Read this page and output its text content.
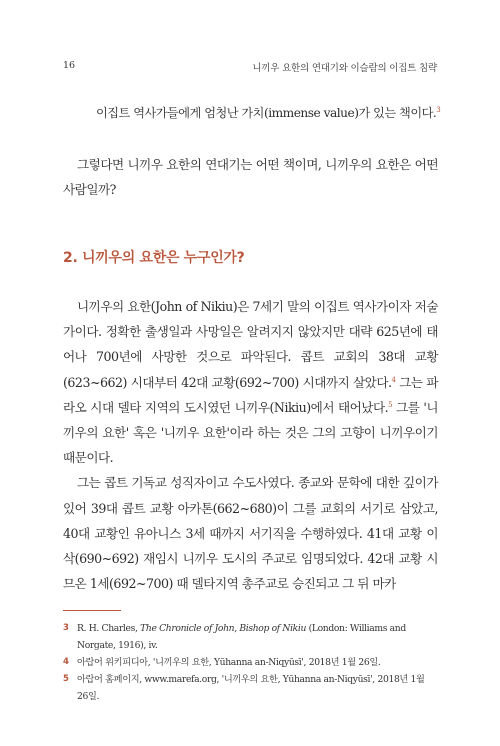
16	니끼우 요한의 연대기와 이슬람의 이집트 침략
이집트 역사가들에게 엄청난 가치(immense value)가 있는 책이다.$^3$

그렇다면 니끼우 요한의 연대기는 어떤 책이며, 니끼우의 요한은 어떤 사람일까?

2. 니끼우의 요한은 누구인가?

니끼우의 요한(John of Nikiu)은 7세기 말의 이집트 역사가이자 저술가이다. 정확한 출생일과 사망일은 알려지지 않았지만 대략 625년에 태어나 700년에 사망한 것으로 파악된다. 콥트 교회의 38대 교황(623~662) 시대부터 42대 교황(692~700) 시대까지 살았다.$^4$ 그는 파라오 시대 델타 지역의 도시였던 니끼우(Nikiu)에서 태어났다.$^5$ 그를 '니끼우의 요한' 혹은 '니끼우 요한'이라 하는 것은 그의 고향이 니끼우이기 때문이다.

그는 콥트 기독교 성직자이고 수도사였다. 종교와 문학에 대한 깊이가 있어 39대 콥트 교황 아카톤(662~680)이 그를 교회의 서기로 삼았고, 40대 교황인 유아니스 3세 때까지 서기직을 수행하였다. 41대 교황 이삭(690~692) 재임시 니끼우 도시의 주교로 임명되었다. 42대 교황 시므온 1세(692~700) 때 델타지역 총주교로 승진되고 그 뒤 마카

3 R. H. Charles, The Chronicle of John, Bishop of Nikiu (London: Williams and Norgate, 1916), iv.
4 아랍어 위키피디아, '니끼우의 요한, Yūhanna an-Niqyūsī', 2018년 1월 26일.
5 아랍어 홈페이지, www.marefa.org, '니끼우의 요한, Yūhanna an-Niqyūsī', 2018년 1월 26일.
